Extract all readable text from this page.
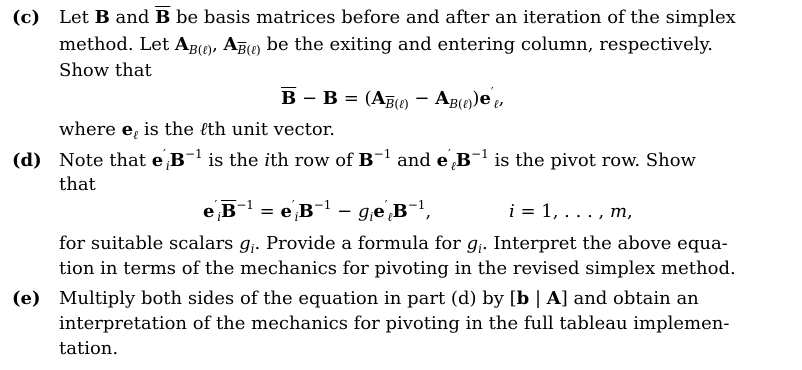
(c) Let B and $\overline{B}$ be basis matrices before and after an iteration of the simplex
method. Let $A_{B(\ell)}$, $A_{\overline{B}(\ell)}$ be the exiting and entering column, respectively.
Show that
$\overline{B} - B = (A_{\overline{B}(\ell)} - A_{B(\ell)})e'_\ell$,
where $e_\ell$ is the ℓth unit vector.
(d) Note that $e'_iB^{-1}$ is the ith row of $B^{-1}$ and $e'_\ell B^{-1}$ is the pivot row. Show
that
$e'_i\overline{B}^{-1} = e'_iB^{-1} - g_ie'_\ell B^{-1}$,	i = 1, . . . , m,
for suitable scalars $g_i$. Provide a formula for $g_i$. Interpret the above equa-
tion in terms of the mechanics for pivoting in the revised simplex method.
(e) Multiply both sides of the equation in part (d) by [b | A] and obtain an
interpretation of the mechanics for pivoting in the full tableau implemen-
tation.
